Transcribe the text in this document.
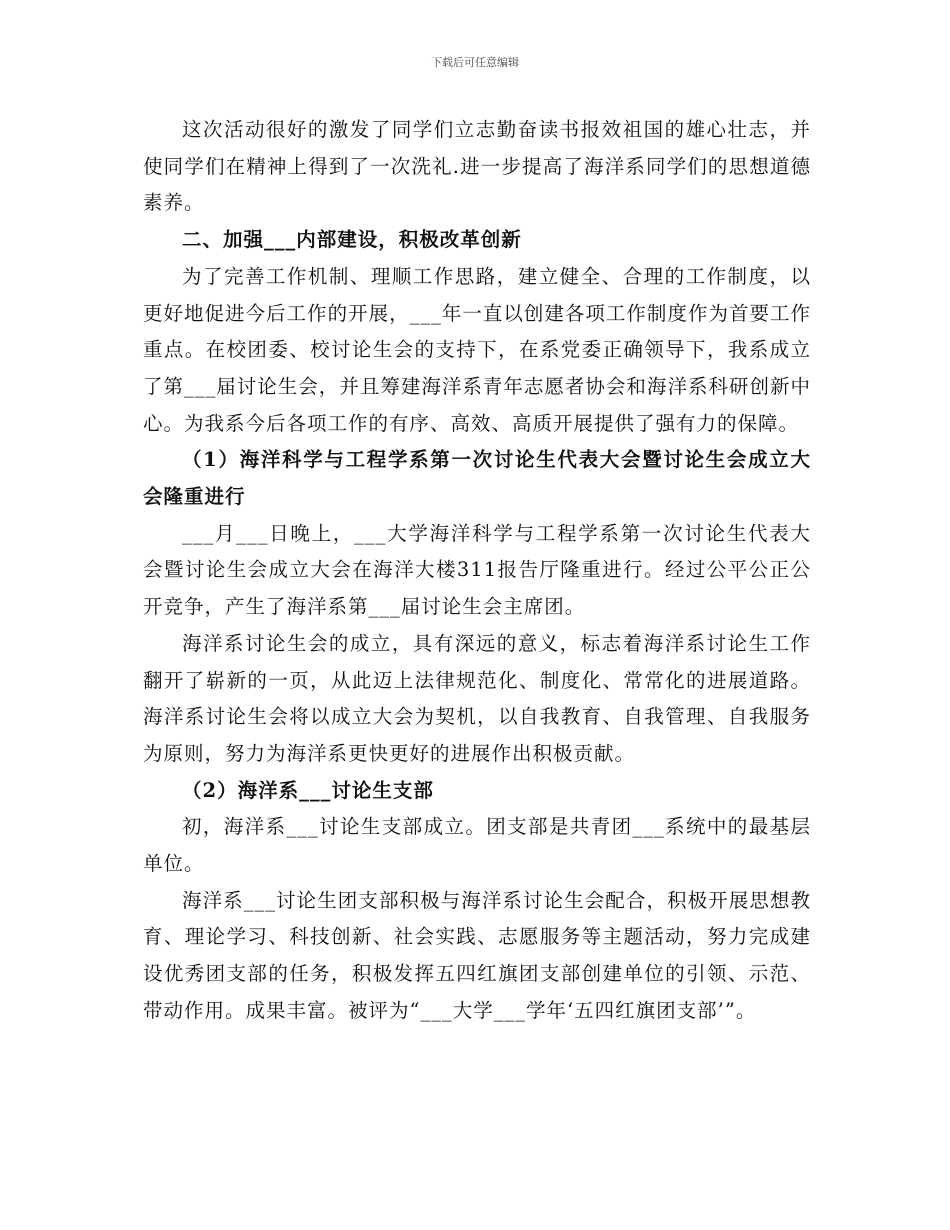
下载后可任意编辑

这次活动很好的激发了同学们立志勤奋读书报效祖国的雄心壮志，并使同学们在精神上得到了一次洗礼.进一步提高了海洋系同学们的思想道德素养。

二、加强___内部建设，积极改革创新

为了完善工作机制、理顺工作思路，建立健全、合理的工作制度，以更好地促进今后工作的开展，___年一直以创建各项工作制度作为首要工作重点。在校团委、校讨论生会的支持下，在系党委正确领导下，我系成立了第___届讨论生会，并且筹建海洋系青年志愿者协会和海洋系科研创新中心。为我系今后各项工作的有序、高效、高质开展提供了强有力的保障。

（1）海洋科学与工程学系第一次讨论生代表大会暨讨论生会成立大会隆重进行

___月___日晚上，___大学海洋科学与工程学系第一次讨论生代表大会暨讨论生会成立大会在海洋大楼311报告厅隆重进行。经过公平公正公开竞争，产生了海洋系第___届讨论生会主席团。

海洋系讨论生会的成立，具有深远的意义，标志着海洋系讨论生工作翻开了崭新的一页，从此迈上法律规范化、制度化、常常化的进展道路。海洋系讨论生会将以成立大会为契机，以自我教育、自我管理、自我服务为原则，努力为海洋系更快更好的进展作出积极贡献。

（2）海洋系___讨论生支部

初，海洋系___讨论生支部成立。团支部是共青团___系统中的最基层单位。

海洋系___讨论生团支部积极与海洋系讨论生会配合，积极开展思想教育、理论学习、科技创新、社会实践、志愿服务等主题活动，努力完成建设优秀团支部的任务，积极发挥五四红旗团支部创建单位的引领、示范、带动作用。成果丰富。被评为“___大学___学年‘五四红旗团支部’”。
